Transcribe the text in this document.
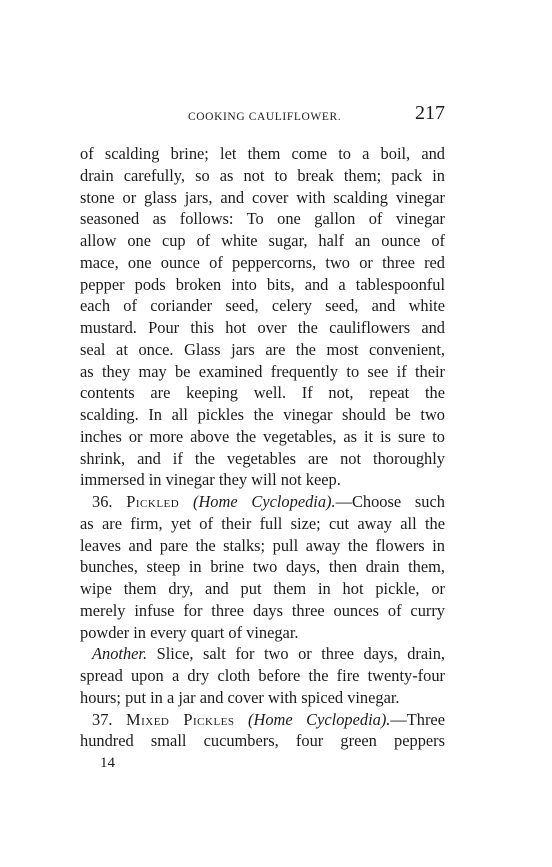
COOKING CAULIFLOWER.	217
of scalding brine; let them come to a boil, and
drain carefully, so as not to break them; pack in
stone or glass jars, and cover with scalding vinegar
seasoned as follows: To one gallon of vinegar
allow one cup of white sugar, half an ounce of
mace, one ounce of peppercorns, two or three red
pepper pods broken into bits, and a tablespoonful
each of coriander seed, celery seed, and white
mustard. Pour this hot over the cauliflowers and
seal at once. Glass jars are the most convenient,
as they may be examined frequently to see if their
contents are keeping well. If not, repeat the
scalding. In all pickles the vinegar should be two
inches or more above the vegetables, as it is sure to
shrink, and if the vegetables are not thoroughly
immersed in vinegar they will not keep.
36. Pickled (Home Cyclopedia).—Choose such
as are firm, yet of their full size; cut away all the
leaves and pare the stalks; pull away the flowers in
bunches, steep in brine two days, then drain them,
wipe them dry, and put them in hot pickle, or
merely infuse for three days three ounces of curry
powder in every quart of vinegar.
Another. Slice, salt for two or three days, drain,
spread upon a dry cloth before the fire twenty-four
hours; put in a jar and cover with spiced vinegar.
37. Mixed Pickles (Home Cyclopedia).—Three
hundred small cucumbers, four green peppers
14
